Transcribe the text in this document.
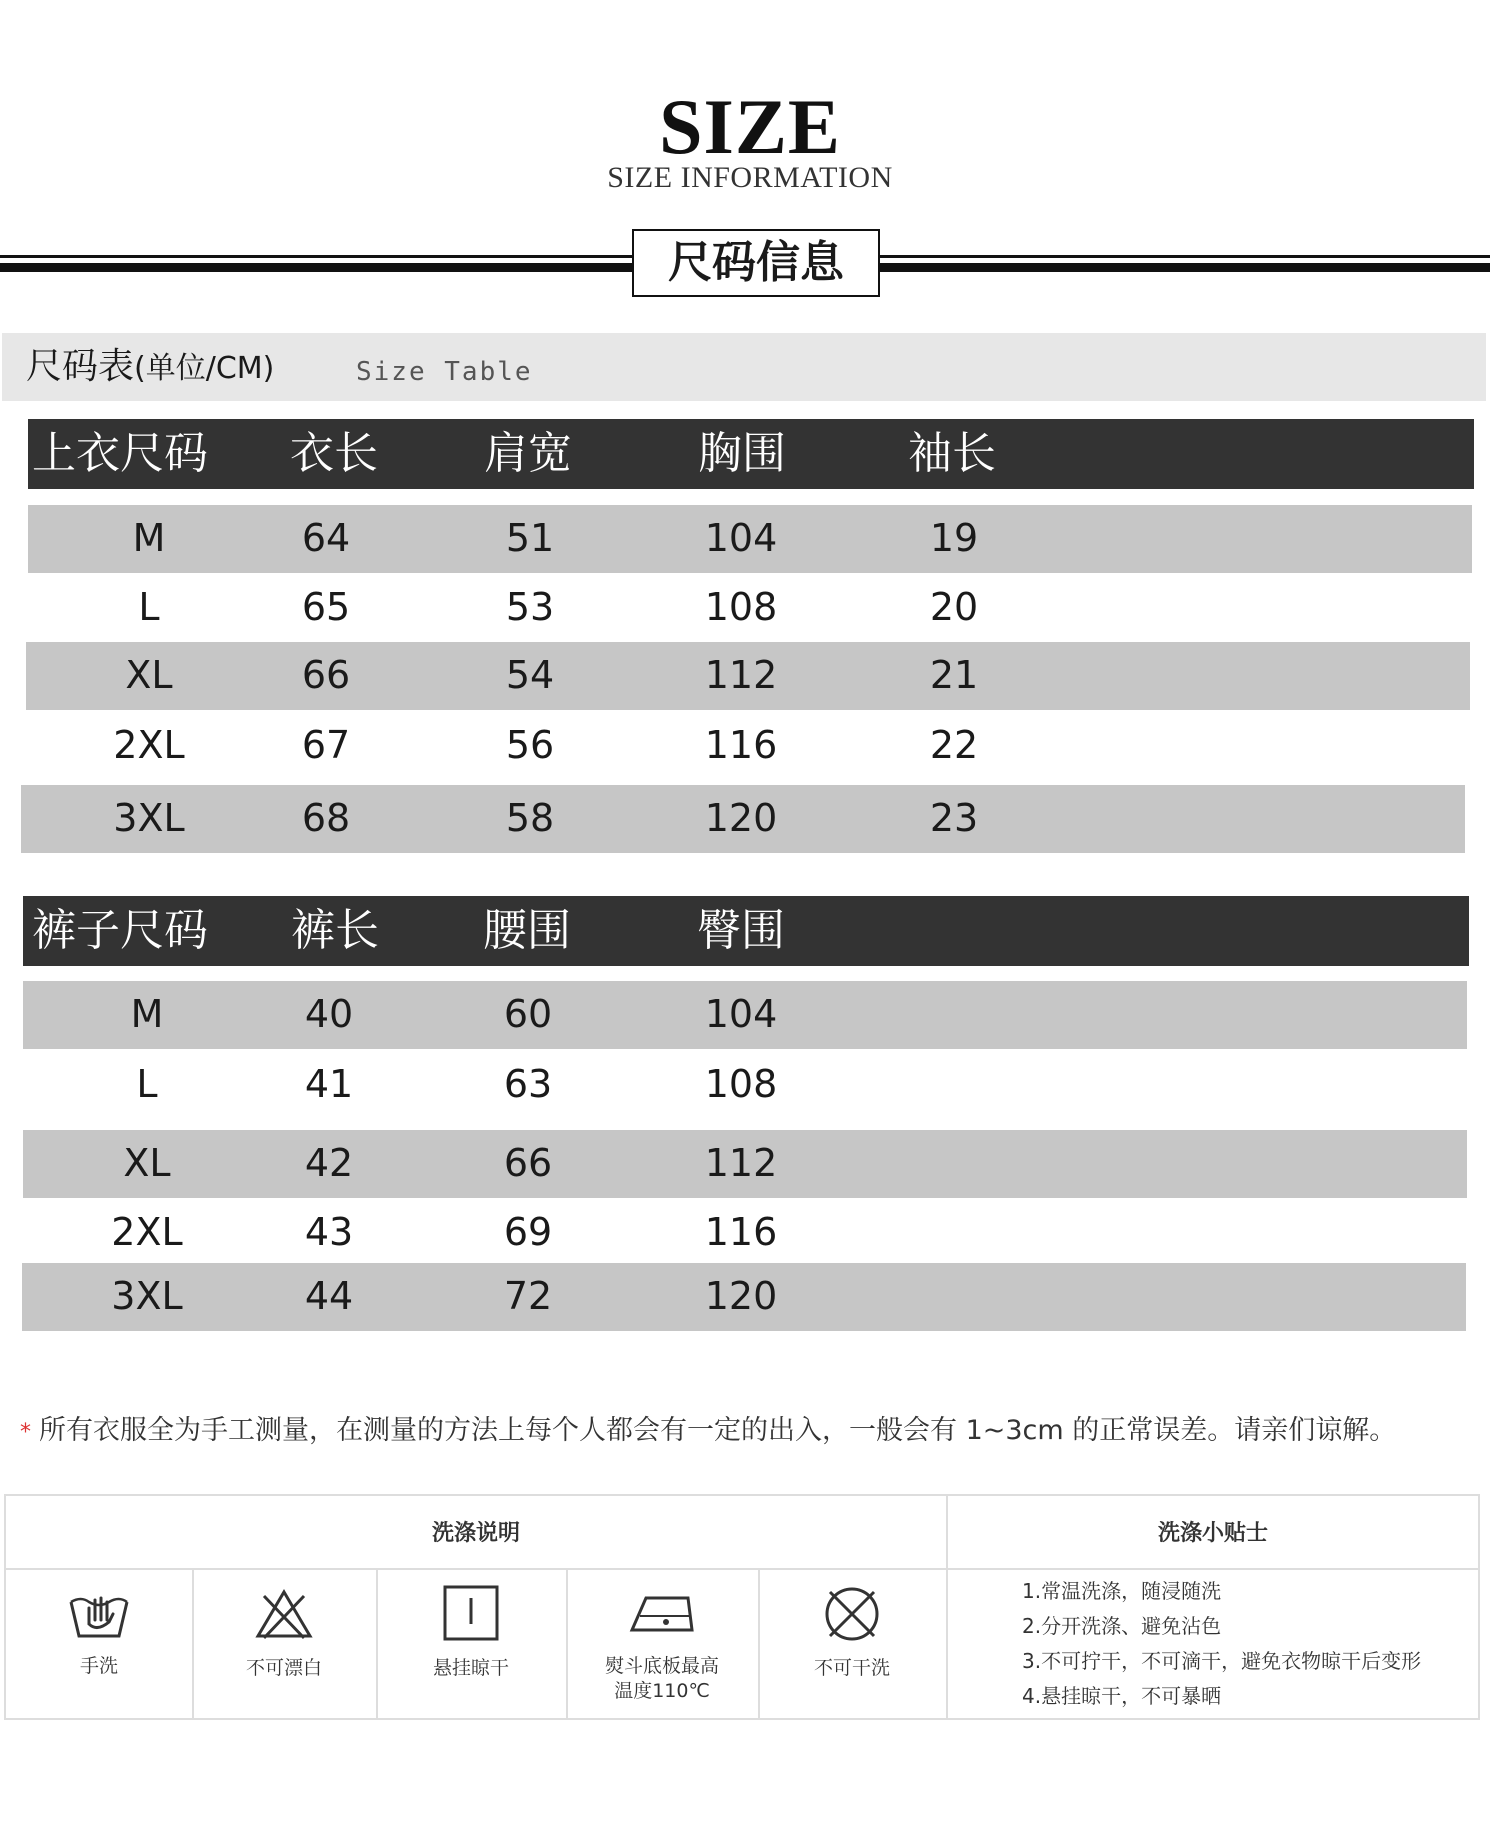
SIZE
SIZE INFORMATION
尺码信息
尺码表(单位/CM)	Size Table
上衣尺码 衣长 肩宽	胸围	袖长
M	64	51	104	19
L	65	53	108	20
XL	66	54	112	21
2XL	67	56	116	22
3XL	68	58	120	23
裤子尺码 裤长 腰围	臀围
M	40	60	104
L	41	63	108
XL	42	66	112
2XL	43	69	116
3XL	44	72	120
* 所有衣服全为手工测量，在测量的方法上每个人都会有一定的出入，一般会有 1~3cm 的正常误差。请亲们谅解。
洗涤说明	洗涤小贴士
手洗	不可漂白	悬挂晾干	熨斗底板最高
温度110℃
不可干洗
1.常温洗涤，随浸随洗
2.分开洗涤、避免沾色
3.不可拧干，不可滴干，避免衣物晾干后变形
4.悬挂晾干，不可暴晒
